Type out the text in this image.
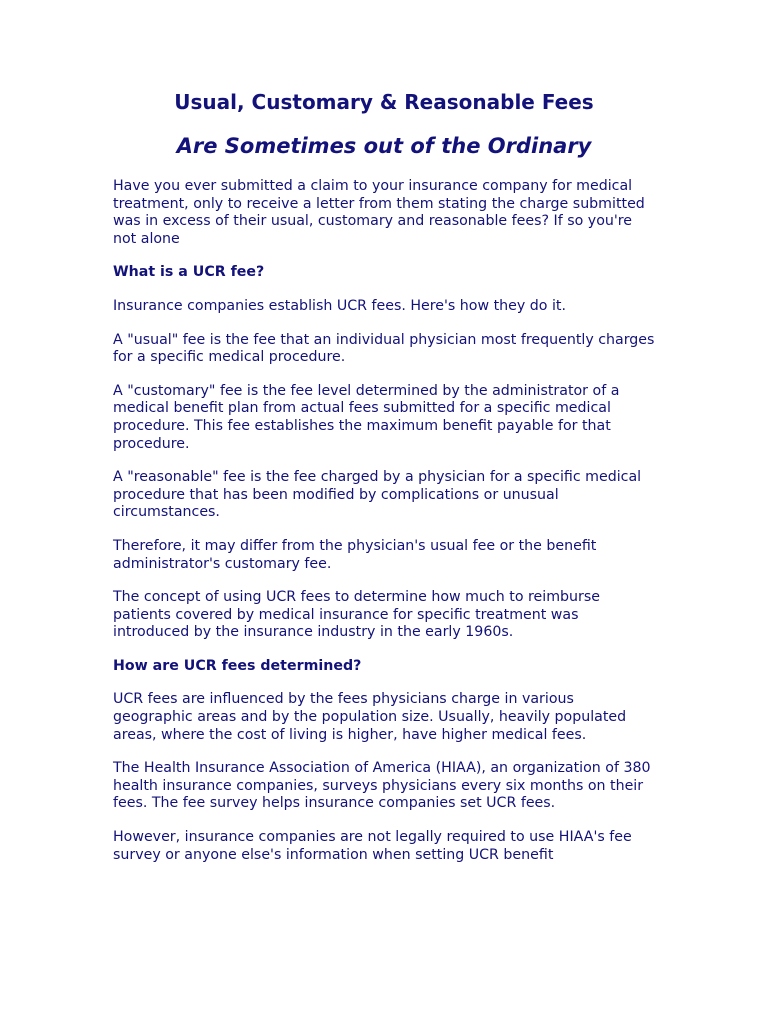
Usual, Customary & Reasonable Fees
Are Sometimes out of the Ordinary

Have you ever submitted a claim to your insurance company for medical treatment, only to receive a letter from them stating the charge submitted was in excess of their usual, customary and reasonable fees? If so you're not alone

What is a UCR fee?

Insurance companies establish UCR fees. Here's how they do it.

A "usual" fee is the fee that an individual physician most frequently charges for a specific medical procedure.

A "customary" fee is the fee level determined by the administrator of a medical benefit plan from actual fees submitted for a specific medical procedure. This fee establishes the maximum benefit payable for that procedure.

A "reasonable" fee is the fee charged by a physician for a specific medical procedure that has been modified by complications or unusual circumstances.

Therefore, it may differ from the physician's usual fee or the benefit administrator's customary fee.

The concept of using UCR fees to determine how much to reimburse patients covered by medical insurance for specific treatment was introduced by the insurance industry in the early 1960s.

How are UCR fees determined?

UCR fees are influenced by the fees physicians charge in various geographic areas and by the population size. Usually, heavily populated areas, where the cost of living is higher, have higher medical fees.

The Health Insurance Association of America (HIAA), an organization of 380 health insurance companies, surveys physicians every six months on their fees. The fee survey helps insurance companies set UCR fees.

However, insurance companies are not legally required to use HIAA's fee survey or anyone else's information when setting UCR benefit
